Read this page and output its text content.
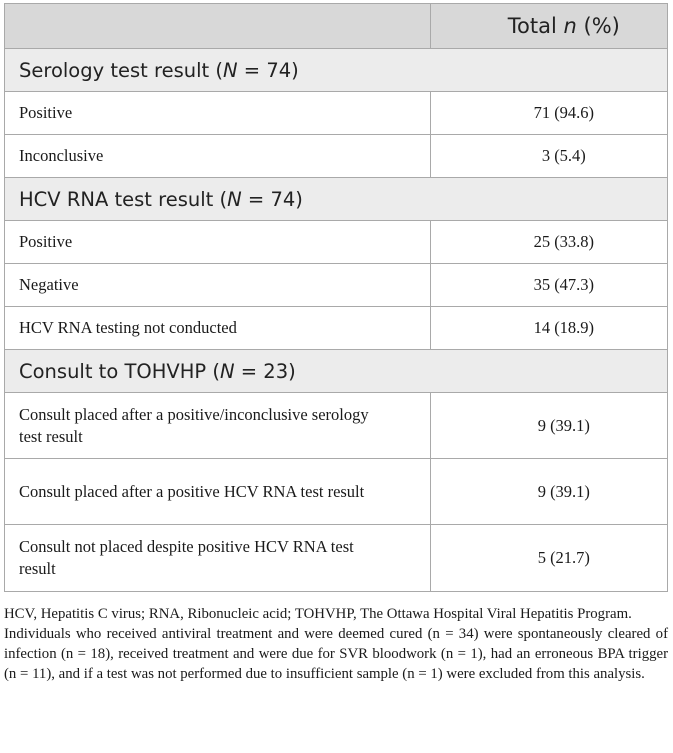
	Total n (%)
Serology test result (N = 74)	
Positive	71 (94.6)
Inconclusive	3 (5.4)
HCV RNA test result (N = 74)	
Positive	25 (33.8)
Negative	35 (47.3)
HCV RNA testing not conducted	14 (18.9)
Consult to TOHVHP (N = 23)	
Consult placed after a positive/inconclusive serology test result	9 (39.1)
Consult placed after a positive HCV RNA test result	9 (39.1)
Consult not placed despite positive HCV RNA test result	5 (21.7)

HCV, Hepatitis C virus; RNA, Ribonucleic acid; TOHVHP, The Ottawa Hospital Viral Hepatitis Program.

Individuals who received antiviral treatment and were deemed cured (n = 34) were spontaneously cleared of infection (n = 18), received treatment and were due for SVR bloodwork (n = 1), had an erroneous BPA trigger (n = 11), and if a test was not performed due to insufficient sample (n = 1) were excluded from this analysis.
